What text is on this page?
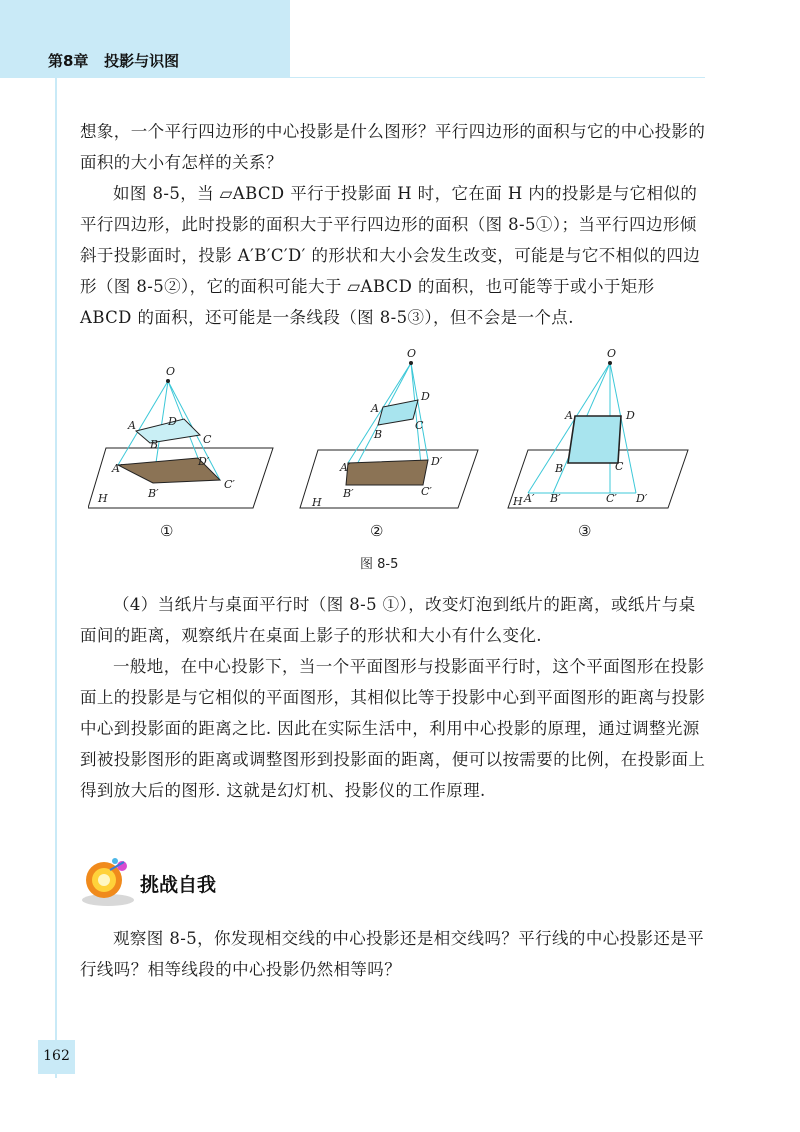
第8章 投影与识图

想象，一个平行四边形的中心投影是什么图形？平行四边形的面积与它的中心投影的面积的大小有怎样的关系？

如图 8-5，当 ▱ABCD 平行于投影面 H 时，它在面 H 内的投影是与它相似的平行四边形，此时投影的面积大于平行四边形的面积（图 8-5①）；当平行四边形倾斜于投影面时，投影 A′B′C′D′ 的形状和大小会发生改变，可能是与它不相似的四边形（图 8-5②），它的面积可能大于 ▱ABCD 的面积，也可能等于或小于矩形 ABCD 的面积，还可能是一条线段（图 8-5③），但不会是一个点.

O
A	D
B	C
A′
D′
B′
C′
H
O
A
D
B
C
A′	D′
B′	C′
H
O
A	D
B	C
H A′ B′	C′ D′
①	②	③
图 8-5

（4）当纸片与桌面平行时（图 8-5 ①），改变灯泡到纸片的距离，或纸片与桌面间的距离，观察纸片在桌面上影子的形状和大小有什么变化.

一般地，在中心投影下，当一个平面图形与投影面平行时，这个平面图形在投影面上的投影是与它相似的平面图形，其相似比等于投影中心到平面图形的距离与投影中心到投影面的距离之比. 因此在实际生活中，利用中心投影的原理，通过调整光源到被投影图形的距离或调整图形到投影面的距离，便可以按需要的比例，在投影面上得到放大后的图形. 这就是幻灯机、投影仪的工作原理.

挑战自我

观察图 8-5，你发现相交线的中心投影还是相交线吗？平行线的中心投影还是平行线吗？相等线段的中心投影仍然相等吗？

162
